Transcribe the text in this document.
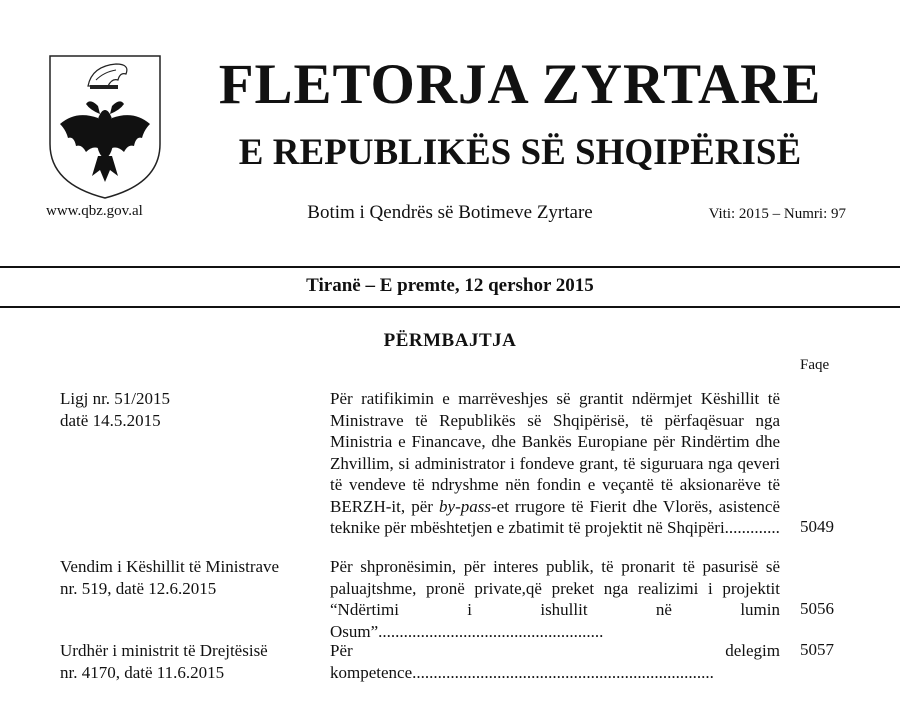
www.qbz.gov.al
FLETORJA ZYRTARE
E REPUBLIKËS SË SHQIPËRISË
Botim i Qendrës së Botimeve Zyrtare	Viti: 2015 – Numri: 97
Tiranë – E premte, 12 qershor 2015
PËRMBAJTJA
Faqe
Ligj nr. 51/2015
datë 14.5.2015
Për ratifikimin e marrëveshjes së grantit ndërmjet Këshillit të Ministrave të Republikës së Shqipërisë, të përfaqësuar nga Ministria e Financave, dhe Bankës Europiane për Rindërtim dhe Zhvillim, si administrator i fondeve grant, të siguruara nga qeveri të vendeve të ndryshme nën fondin e veçantë të aksionarëve të BERZH-it, për by-pass-et rrugore të Fierit dhe Vlorës, asistencë teknike për mbështetjen e zbatimit të projektit në Shqipëri............. 5049
Vendim i Këshillit të Ministrave
nr. 519, datë 12.6.2015
Për shpronësimin, për interes publik, të pronarit të pasurisë së paluajtshme, pronë private,që preket nga realizimi i projektit “Ndërtimi i ishullit në lumin Osum”.....................................................
5056
Urdhër i ministrit të Drejtësisë
nr. 4170, datë 11.6.2015
Për delegim kompetence.......................................................................
5057
